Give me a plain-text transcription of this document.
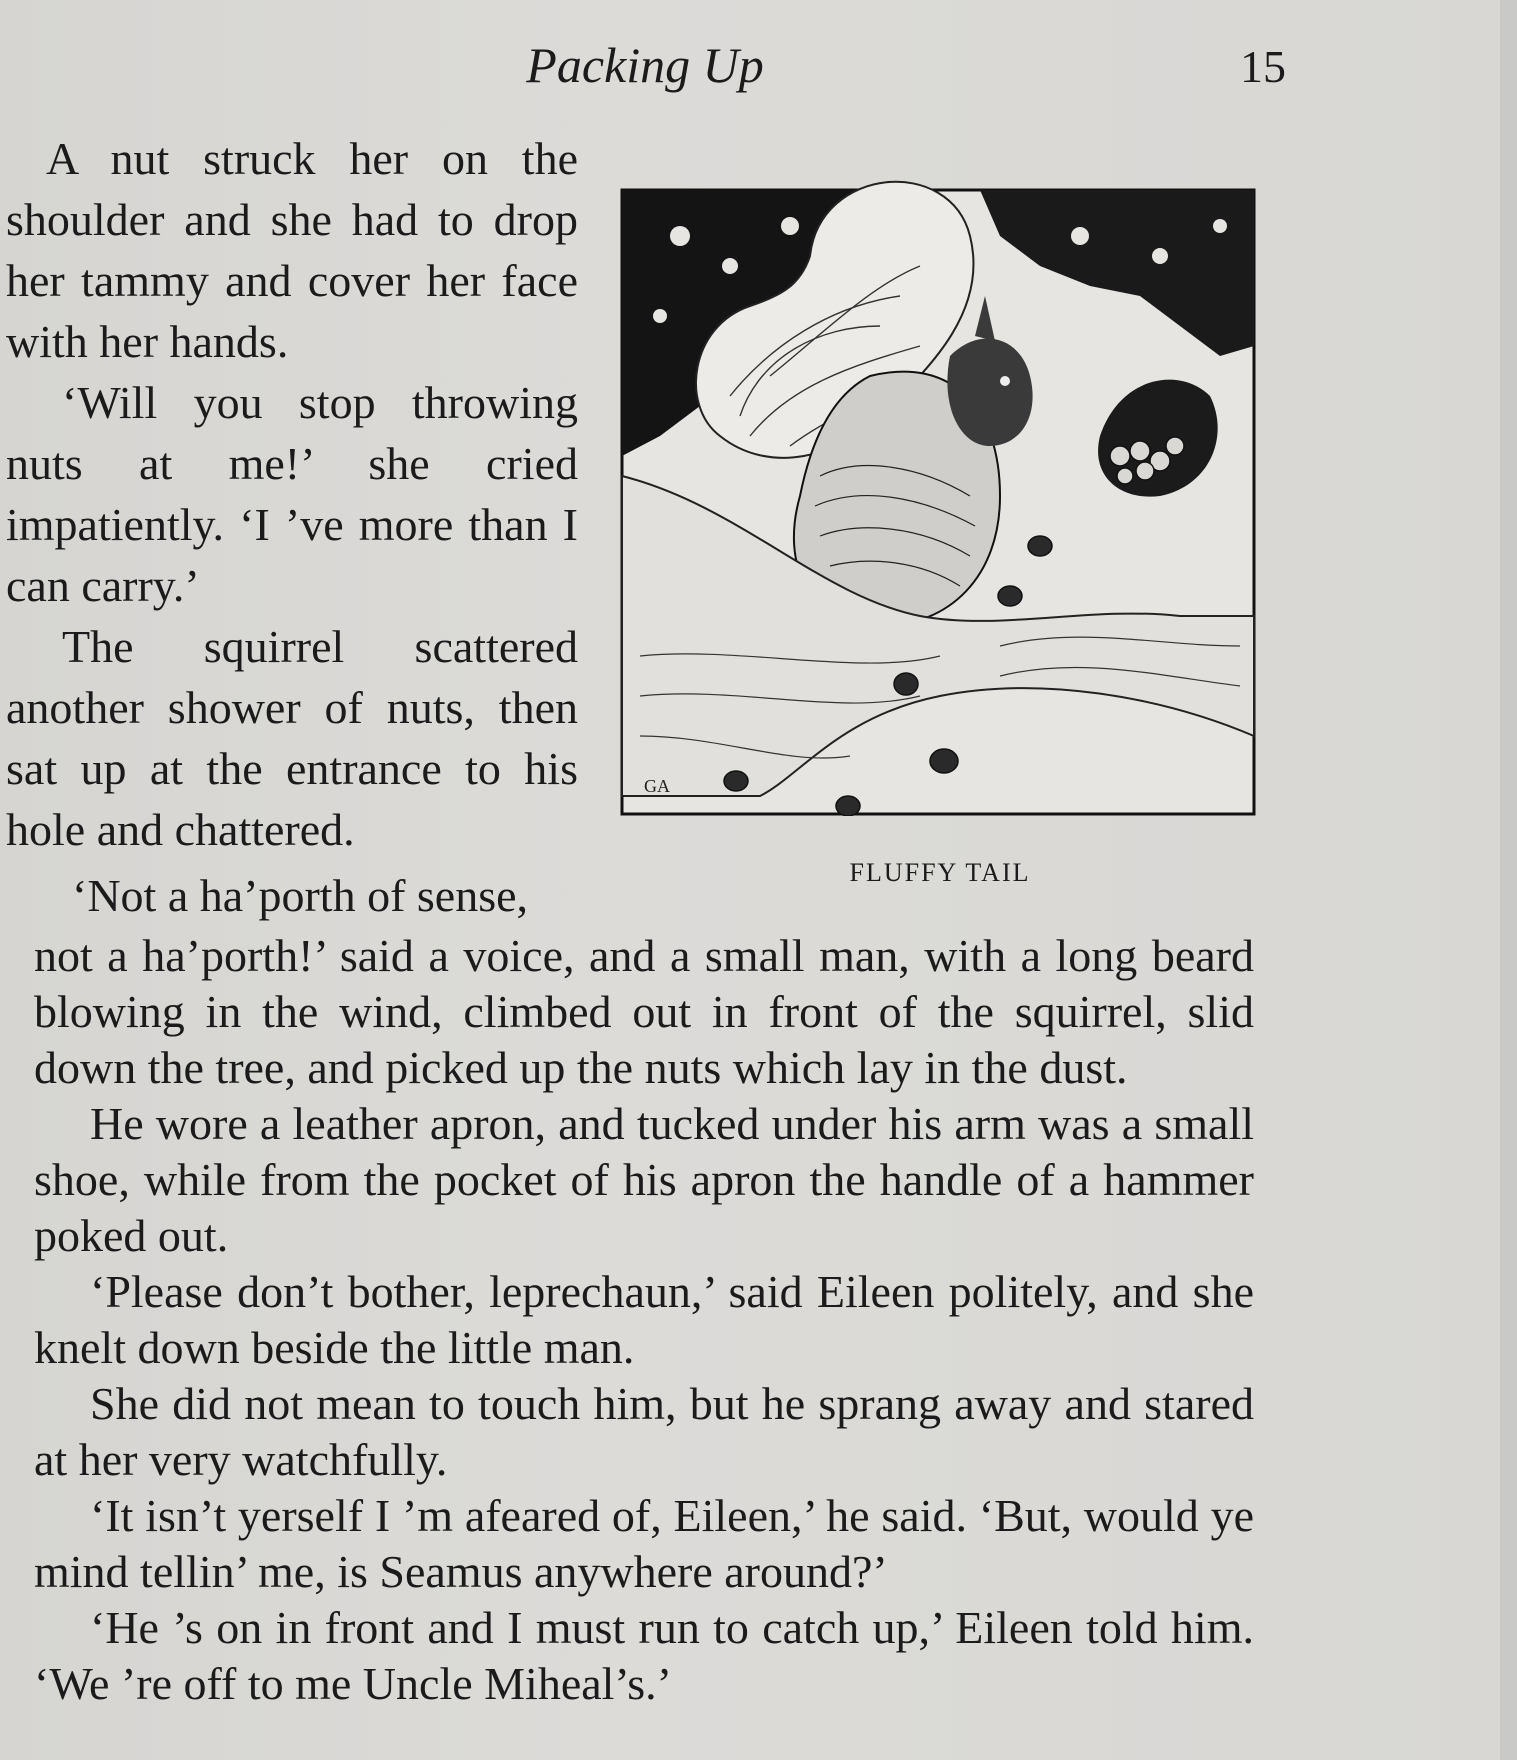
Packing Up	15

A nut struck her on the shoulder and she had to drop her tammy and cover her face with her hands.

‘Will you stop throwing nuts at me!’ she cried impatiently. ‘I ’ve more than I can carry.’

The squirrel scattered another shower of nuts, then sat up at the entrance to his hole and chattered.

‘Not a ha’porth of sense,
GA
FLUFFY TAIL

not a ha’porth!’ said a voice, and a small man, with a long beard blowing in the wind, climbed out in front of the squirrel, slid down the tree, and picked up the nuts which lay in the dust.

He wore a leather apron, and tucked under his arm was a small shoe, while from the pocket of his apron the handle of a hammer poked out.

‘Please don’t bother, leprechaun,’ said Eileen politely, and she knelt down beside the little man.

She did not mean to touch him, but he sprang away and stared at her very watchfully.

‘It isn’t yerself I ’m afeared of, Eileen,’ he said. ‘But, would ye mind tellin’ me, is Seamus anywhere around?’

‘He ’s on in front and I must run to catch up,’ Eileen told him. ‘We ’re off to me Uncle Miheal’s.’
